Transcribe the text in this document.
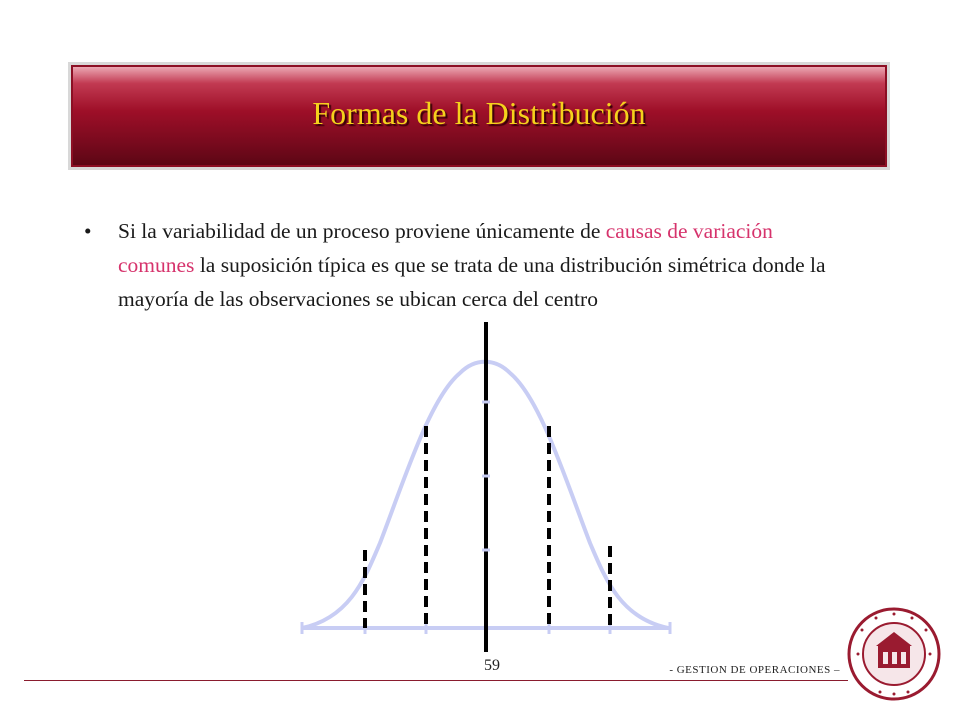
Formas de la Distribución
• Si la variabilidad de un proceso proviene únicamente de causas de variación comunes la suposición típica es que se trata de una distribución simétrica donde la mayoría de las observaciones se ubican cerca del centro
59	- GESTION DE OPERACIONES –
